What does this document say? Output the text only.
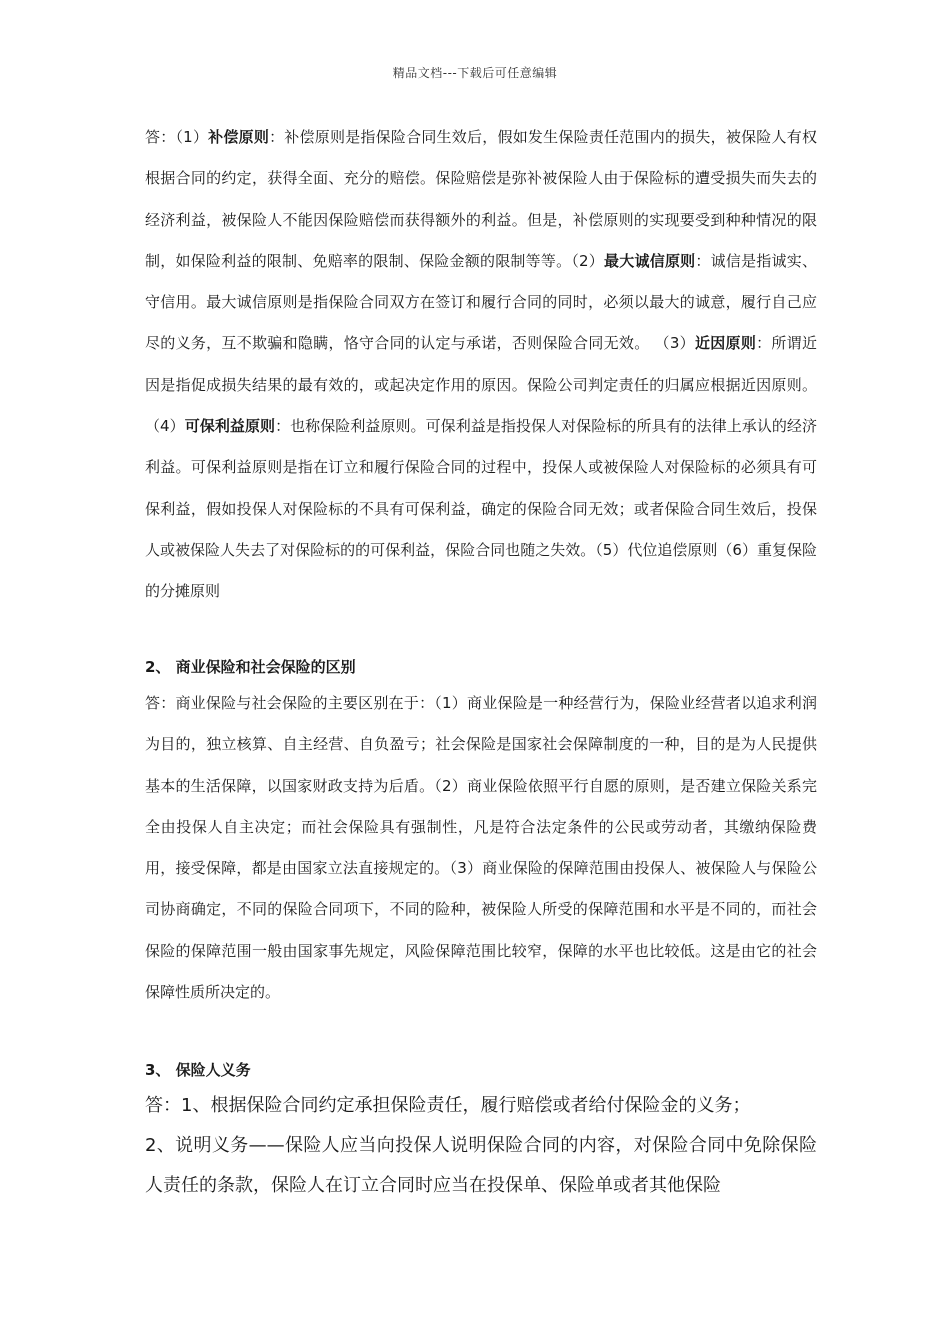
精品文档---下载后可任意编辑

答：（1）补偿原则：补偿原则是指保险合同生效后，假如发生保险责任范围内的损失，被保险人有权根据合同的约定，获得全面、充分的赔偿。保险赔偿是弥补被保险人由于保险标的遭受损失而失去的经济利益，被保险人不能因保险赔偿而获得额外的利益。但是，补偿原则的实现要受到种种情况的限制，如保险利益的限制、免赔率的限制、保险金额的限制等等。（2）最大诚信原则：诚信是指诚实、守信用。最大诚信原则是指保险合同双方在签订和履行合同的同时，必须以最大的诚意，履行自己应尽的义务，互不欺骗和隐瞒，恪守合同的认定与承诺，否则保险合同无效。 （3）近因原则：所谓近因是指促成损失结果的最有效的，或起决定作用的原因。保险公司判定责任的归属应根据近因原则。 （4）可保利益原则：也称保险利益原则。可保利益是指投保人对保险标的所具有的法律上承认的经济利益。可保利益原则是指在订立和履行保险合同的过程中，投保人或被保险人对保险标的必须具有可保利益，假如投保人对保险标的不具有可保利益，确定的保险合同无效；或者保险合同生效后，投保人或被保险人失去了对保险标的的可保利益，保险合同也随之失效。（5）代位追偿原则（6）重复保险的分摊原则

2、 商业保险和社会保险的区别

答：商业保险与社会保险的主要区别在于：（1）商业保险是一种经营行为，保险业经营者以追求利润为目的，独立核算、自主经营、自负盈亏；社会保险是国家社会保障制度的一种，目的是为人民提供基本的生活保障，以国家财政支持为后盾。（2）商业保险依照平行自愿的原则，是否建立保险关系完全由投保人自主决定；而社会保险具有强制性，凡是符合法定条件的公民或劳动者，其缴纳保险费用，接受保障，都是由国家立法直接规定的。（3）商业保险的保障范围由投保人、被保险人与保险公司协商确定，不同的保险合同项下，不同的险种，被保险人所受的保障范围和水平是不同的，而社会保险的保障范围一般由国家事先规定，风险保障范围比较窄，保障的水平也比较低。这是由它的社会保障性质所决定的。

3、 保险人义务

答：1、根据保险合同约定承担保险责任，履行赔偿或者给付保险金的义务；

2、说明义务——保险人应当向投保人说明保险合同的内容，对保险合同中免除保险人责任的条款，保险人在订立合同时应当在投保单、保险单或者其他保险
